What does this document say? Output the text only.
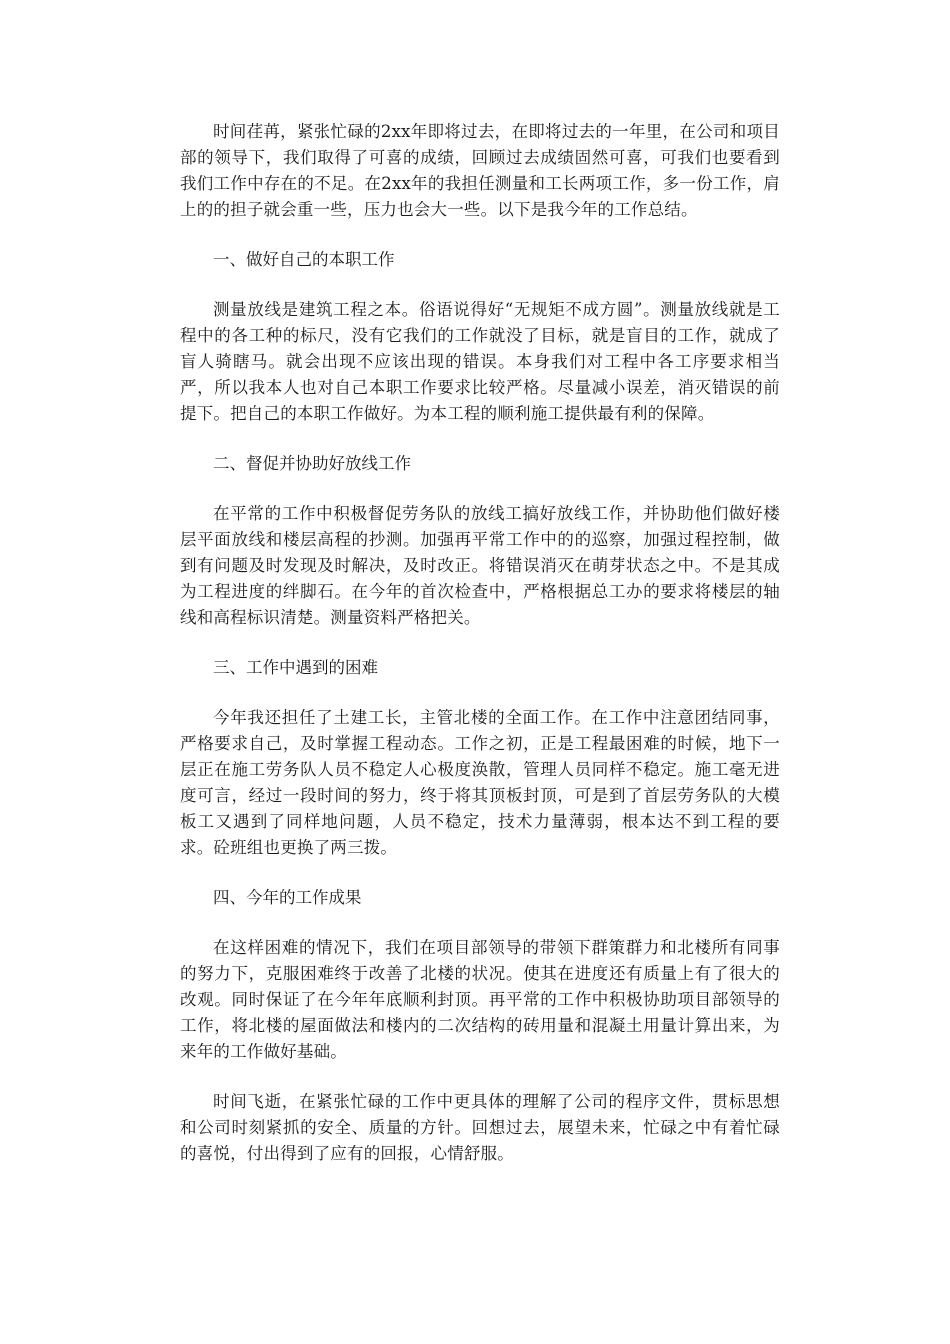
时间荏苒，紧张忙碌的2xx年即将过去，在即将过去的一年里，在公司和项目部的领导下，我们取得了可喜的成绩，回顾过去成绩固然可喜，可我们也要看到我们工作中存在的不足。在2xx年的我担任测量和工长两项工作，多一份工作，肩上的的担子就会重一些，压力也会大一些。以下是我今年的工作总结。

一、做好自己的本职工作

测量放线是建筑工程之本。俗语说得好“无规矩不成方圆”。测量放线就是工程中的各工种的标尺，没有它我们的工作就没了目标，就是盲目的工作，就成了盲人骑瞎马。就会出现不应该出现的错误。本身我们对工程中各工序要求相当严，所以我本人也对自己本职工作要求比较严格。尽量减小误差，消灭错误的前提下。把自己的本职工作做好。为本工程的顺利施工提供最有利的保障。

二、督促并协助好放线工作

在平常的工作中积极督促劳务队的放线工搞好放线工作，并协助他们做好楼层平面放线和楼层高程的抄测。加强再平常工作中的的巡察，加强过程控制，做到有问题及时发现及时解决，及时改正。将错误消灭在萌芽状态之中。不是其成为工程进度的绊脚石。在今年的首次检查中，严格根据总工办的要求将楼层的轴线和高程标识清楚。测量资料严格把关。

三、工作中遇到的困难

今年我还担任了土建工长，主管北楼的全面工作。在工作中注意团结同事，严格要求自己，及时掌握工程动态。工作之初，正是工程最困难的时候，地下一层正在施工劳务队人员不稳定人心极度涣散，管理人员同样不稳定。施工毫无进度可言，经过一段时间的努力，终于将其顶板封顶，可是到了首层劳务队的大模板工又遇到了同样地问题，人员不稳定，技术力量薄弱，根本达不到工程的要求。砼班组也更换了两三拨。

四、今年的工作成果

在这样困难的情况下，我们在项目部领导的带领下群策群力和北楼所有同事的努力下，克服困难终于改善了北楼的状况。使其在进度还有质量上有了很大的改观。同时保证了在今年年底顺利封顶。再平常的工作中积极协助项目部领导的工作，将北楼的屋面做法和楼内的二次结构的砖用量和混凝土用量计算出来，为来年的工作做好基础。

时间飞逝，在紧张忙碌的工作中更具体的理解了公司的程序文件，贯标思想和公司时刻紧抓的安全、质量的方针。回想过去，展望未来，忙碌之中有着忙碌的喜悦，付出得到了应有的回报，心情舒服。
